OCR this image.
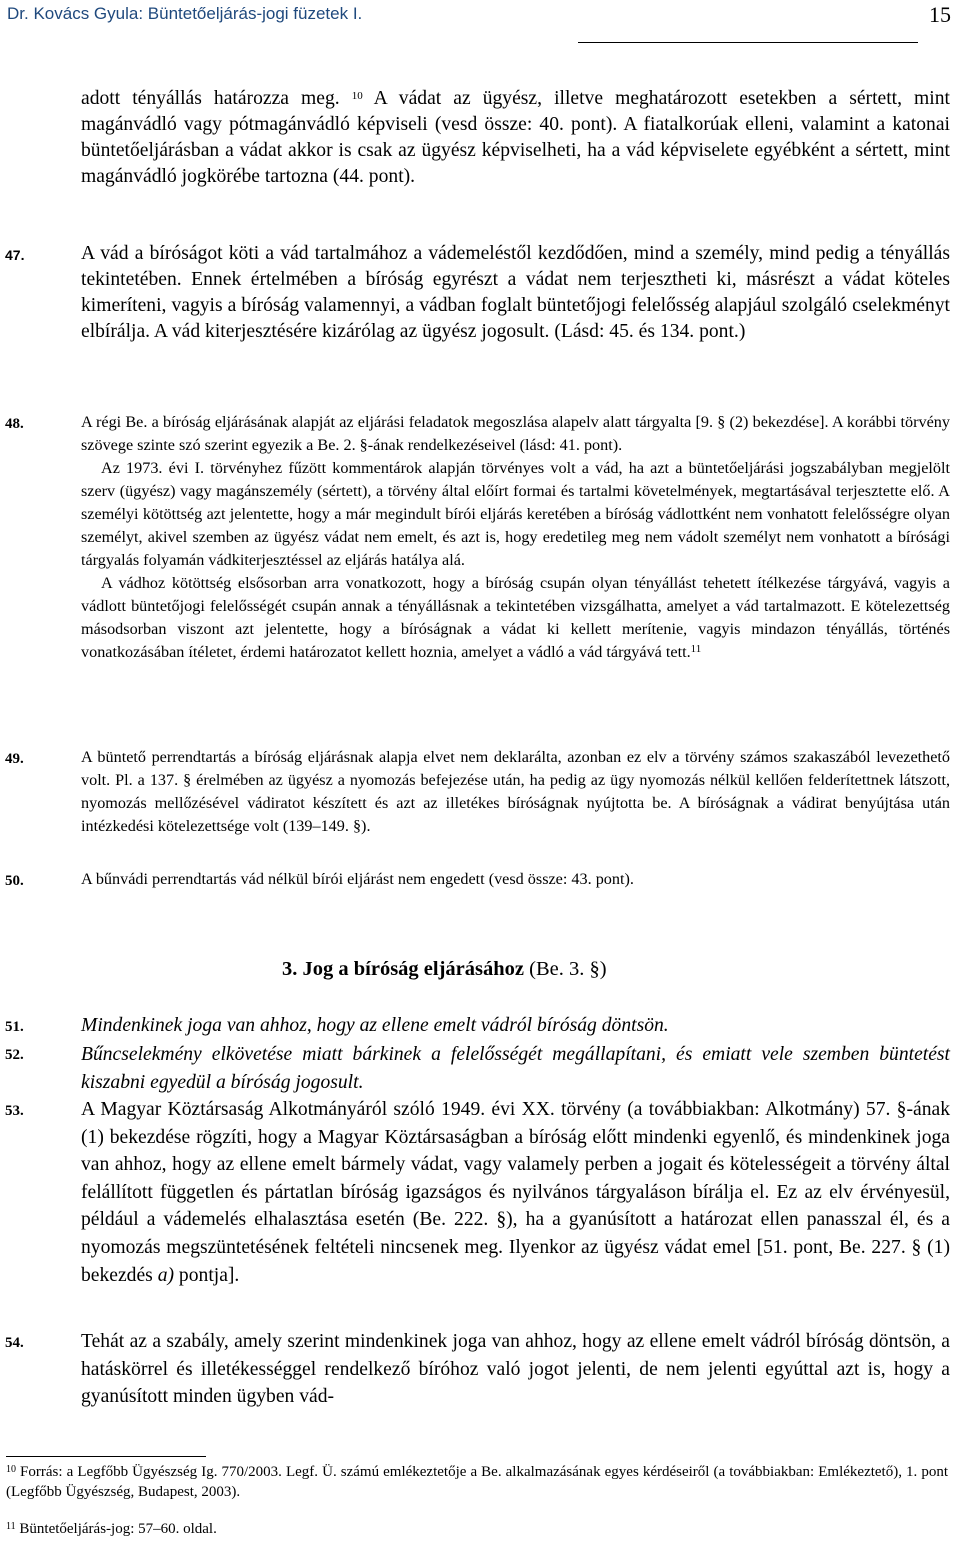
Dr. Kovács Gyula: Büntetőeljárás-jogi füzetek I.	15
adott tényállás határozza meg. $^{10}$ A vádat az ügyész, illetve meghatározott esetekben a sértett, mint magánvádló vagy pótmagánvádló képviseli (vesd össze: 40. pont). A fiatalkorúak elleni, valamint a katonai büntetőeljárásban a vádat akkor is csak az ügyész képviselheti, ha a vád képviselete egyébként a sértett, mint magánvádló jogkörébe tartozna (44. pont).
47.	A vád a bíróságot köti a vád tartalmához a vádemeléstől kezdődően, mind a személy, mind pedig a tényállás tekintetében. Ennek értelmében a bíróság egyrészt a vádat nem terjesztheti ki, másrészt a vádat köteles kimeríteni, vagyis a bíróság valamennyi, a vádban foglalt büntetőjogi felelősség alapjául szolgáló cselekményt elbírálja. A vád kiterjesztésére kizárólag az ügyész jogosult. (Lásd: 45. és 134. pont.)
48.	A régi Be. a bíróság eljárásának alapját az eljárási feladatok megoszlása alapelv alatt tárgyalta [9. § (2) bekezdése]. A korábbi törvény szövege szinte szó szerint egyezik a Be. 2. §-ának rendelkezéseivel (lásd: 41. pont).

Az 1973. évi I. törvényhez fűzött kommentárok alapján törvényes volt a vád, ha azt a büntetőeljárási jogszabályban megjelölt szerv (ügyész) vagy magánszemély (sértett), a törvény által előírt formai és tartalmi követelmények, megtartásával terjesztette elő. A személyi kötöttség azt jelentette, hogy a már megindult bírói eljárás keretében a bíróság vádlottként nem vonhatott felelősségre olyan személyt, akivel szemben az ügyész vádat nem emelt, és azt is, hogy eredetileg meg nem vádolt személyt nem vonhatott a bírósági tárgyalás folyamán vádkiterjesztéssel az eljárás hatálya alá.

A vádhoz kötöttség elsősorban arra vonatkozott, hogy a bíróság csupán olyan tényállást tehetett ítélkezése tárgyává, vagyis a vádlott büntetőjogi felelősségét csupán annak a tényállásnak a tekintetében vizsgálhatta, amelyet a vád tartalmazott. E kötelezettség másodsorban viszont azt jelentette, hogy a bíróságnak a vádat ki kellett merítenie, vagyis mindazon tényállás, történés vonatkozásában ítéletet, érdemi határozatot kellett hoznia, amelyet a vádló a vád tárgyává tett.$^{11}$

49.	A büntető perrendtartás a bíróság eljárásnak alapja elvet nem deklarálta, azonban ez elv a törvény számos szakaszából levezethető volt. Pl. a 137. § érelmében az ügyész a nyomozás befejezése után, ha pedig az ügy nyomozás nélkül kellően felderítettnek látszott, nyomozás mellőzésével vádiratot készített és azt az illetékes bíróságnak nyújtotta be. A bíróságnak a vádirat benyújtása után intézkedési kötelezettsége volt (139–149. §).
50.	A bűnvádi perrendtartás vád nélkül bírói eljárást nem engedett (vesd össze: 43. pont).
3. Jog a bíróság eljárásához (Be. 3. §)
51.	Mindenkinek joga van ahhoz, hogy az ellene emelt vádról bíróság döntsön.
52.	Bűncselekmény elkövetése miatt bárkinek a felelősségét megállapítani, és emiatt vele szemben büntetést kiszabni egyedül a bíróság jogosult.
53.	A Magyar Köztársaság Alkotmányáról szóló 1949. évi XX. törvény (a továbbiakban: Alkotmány) 57. §-ának (1) bekezdése rögzíti, hogy a Magyar Köztársaságban a bíróság előtt mindenki egyenlő, és mindenkinek joga van ahhoz, hogy az ellene emelt bármely vádat, vagy valamely perben a jogait és kötelességeit a törvény által felállított független és pártatlan bíróság igazságos és nyilvános tárgyaláson bírálja el. Ez az elv érvényesül, például a vádemelés elhalasztása esetén (Be. 222. §), ha a gyanúsított a határozat ellen panasszal él, és a nyomozás megszüntetésének feltételi nincsenek meg. Ilyenkor az ügyész vádat emel [51. pont, Be. 227. § (1) bekezdés a) pontja].
54.	Tehát az a szabály, amely szerint mindenkinek joga van ahhoz, hogy az ellene emelt vádról bíróság döntsön, a hatáskörrel és illetékességgel rendelkező bíróhoz való jogot jelenti, de nem jelenti egyúttal azt is, hogy a gyanúsított minden ügyben vád-
$^{10}$ Forrás: a Legfőbb Ügyészség Ig. 770/2003. Legf. Ü. számú emlékeztetője a Be. alkalmazásának egyes kérdéseiről (a továbbiakban: Emlékeztető), 1. pont (Legfőbb Ügyészség, Budapest, 2003).
$^{11}$ Büntetőeljárás-jog: 57–60. oldal.
